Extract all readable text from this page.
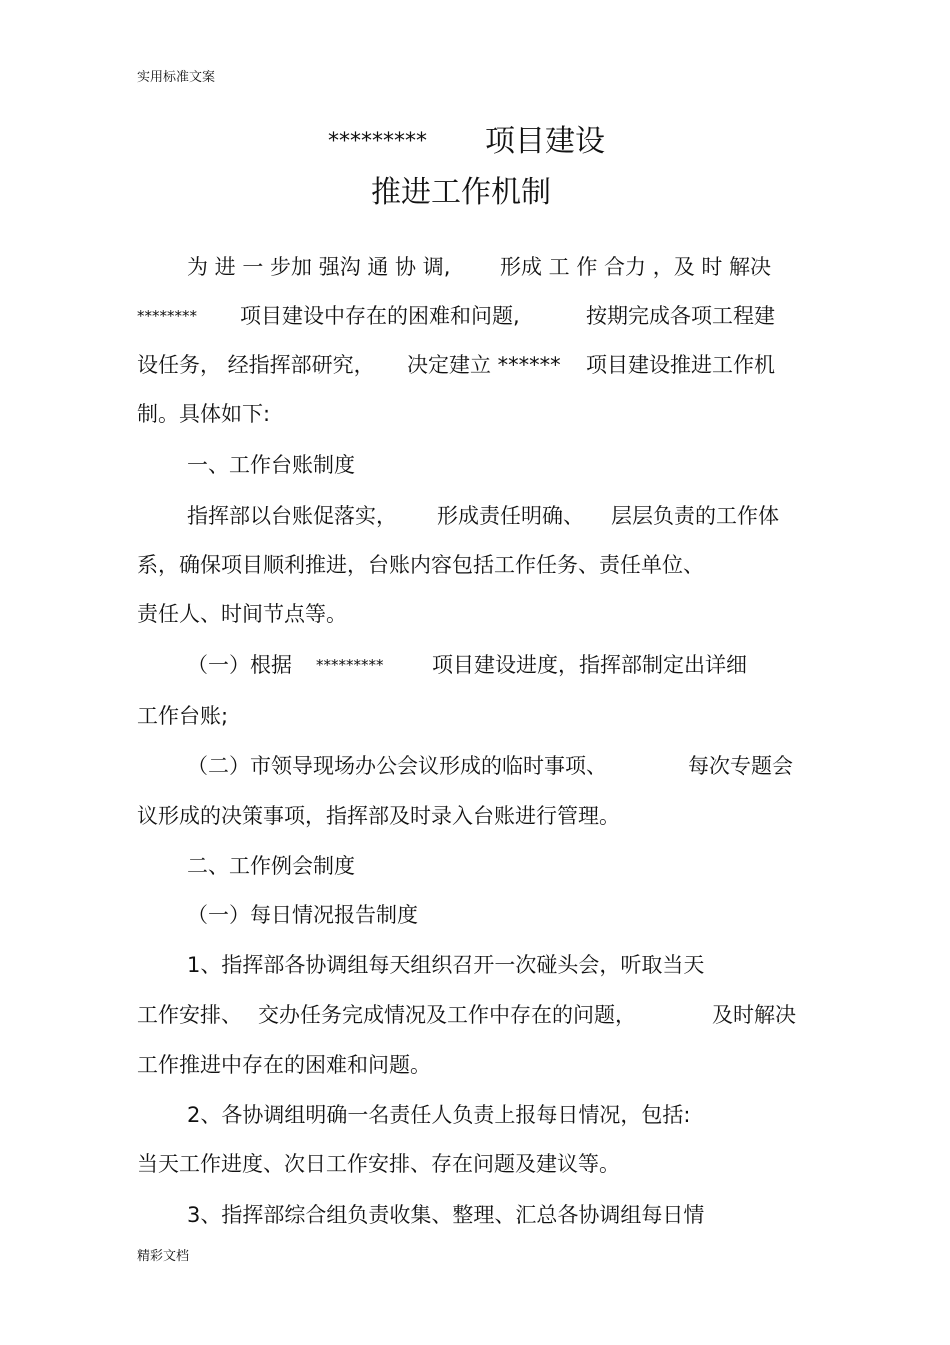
实用标准文案
********* 项目建设
推进工作机制
为 进 一 步加 强沟 通 协 调, 形成 工 作 合力 ，及 时 解决
******** 项目建设中存在的困难和问题,	按期完成各项工程建
设任务， 经指挥部研究， 决定建立 ****** 项目建设推进工作机
制。具体如下:
一、工作台账制度
指挥部以台账促落实， 形成责任明确、 层层负责的工作体
系，确保项目顺利推进，台账内容包括工作任务、责任单位、
责任人、时间节点等。
（一）根据 ********* 项目建设进度，指挥部制定出详细
工作台账;
（二）市领导现场办公会议形成的临时事项、	每次专题会
议形成的决策事项，指挥部及时录入台账进行管理。
二、工作例会制度
（一）每日情况报告制度
1、指挥部各协调组每天组织召开一次碰头会，听取当天
工作安排、 交办任务完成情况及工作中存在的问题，	及时解决
工作推进中存在的困难和问题。
2、各协调组明确一名责任人负责上报每日情况，包括:
当天工作进度、次日工作安排、存在问题及建议等。
3、指挥部综合组负责收集、整理、汇总各协调组每日情
精彩文档
